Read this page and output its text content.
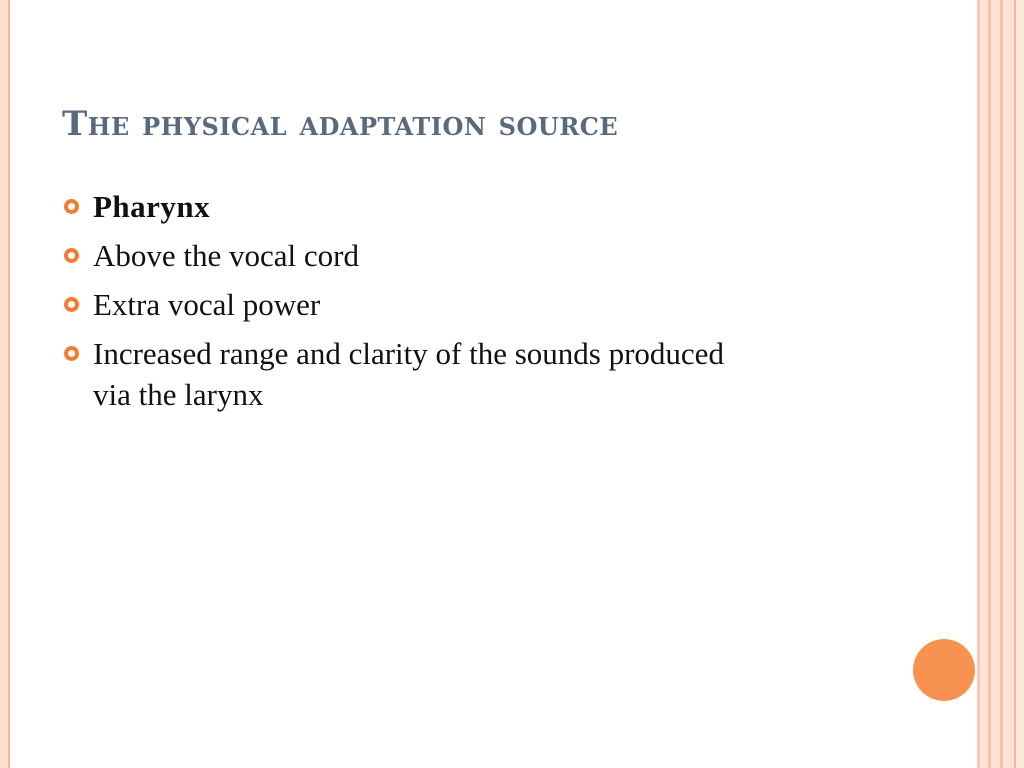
The physical adaptation source
Pharynx
Above the vocal cord
Extra vocal power
Increased range and clarity of the sounds produced via the larynx
